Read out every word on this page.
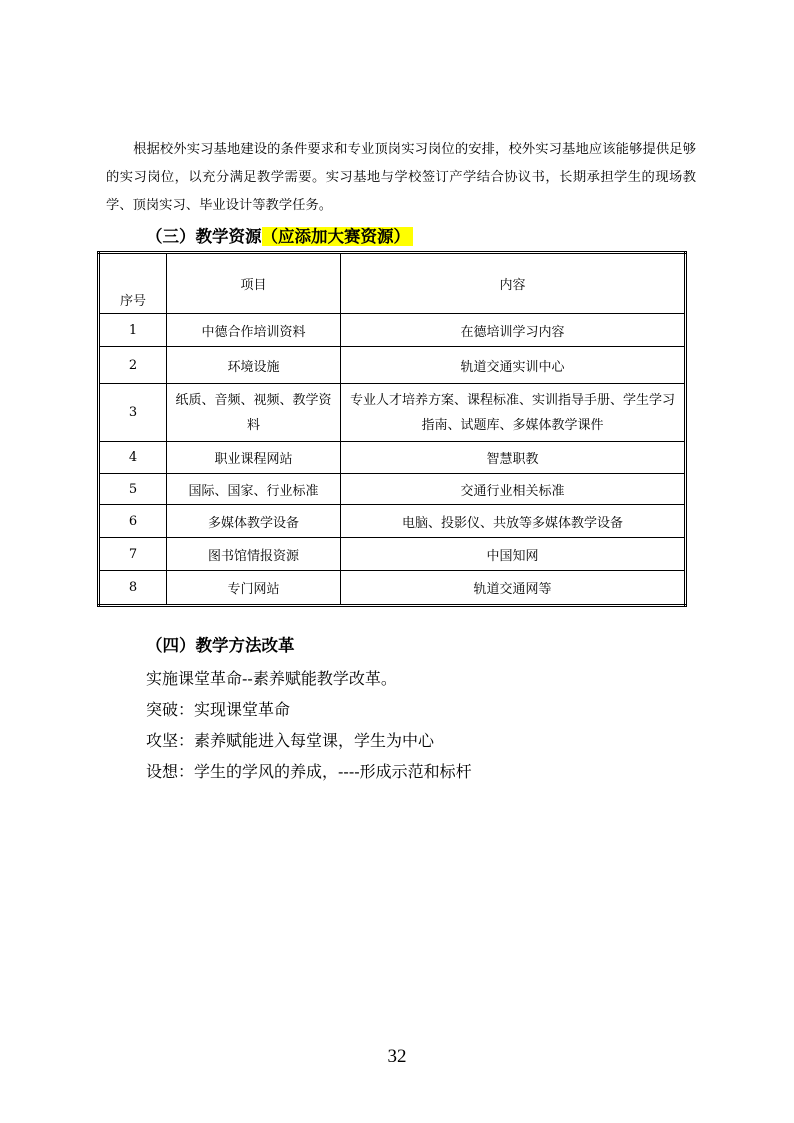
根据校外实习基地建设的条件要求和专业顶岗实习岗位的安排，校外实习基地应该能够提供足够的实习岗位，以充分满足教学需要。实习基地与学校签订产学结合协议书，长期承担学生的现场教学、顶岗实习、毕业设计等教学任务。

（三）教学资源（应添加大赛资源）
序号	项目	内容
1	中德合作培训资料	在德培训学习内容
2	环境设施	轨道交通实训中心
3	纸质、音频、视频、教学资料	专业人才培养方案、课程标准、实训指导手册、学生学习指南、试题库、多媒体教学课件
4	职业课程网站	智慧职教
5	国际、国家、行业标准	交通行业相关标准
6	多媒体教学设备	电脑、投影仪、共放等多媒体教学设备
7	图书馆情报资源	中国知网
8	专门网站	轨道交通网等
（四）教学方法改革
实施课堂革命--素养赋能教学改革。
突破：实现课堂革命
攻坚：素养赋能进入每堂课，学生为中心
设想：学生的学风的养成，----形成示范和标杆
32
